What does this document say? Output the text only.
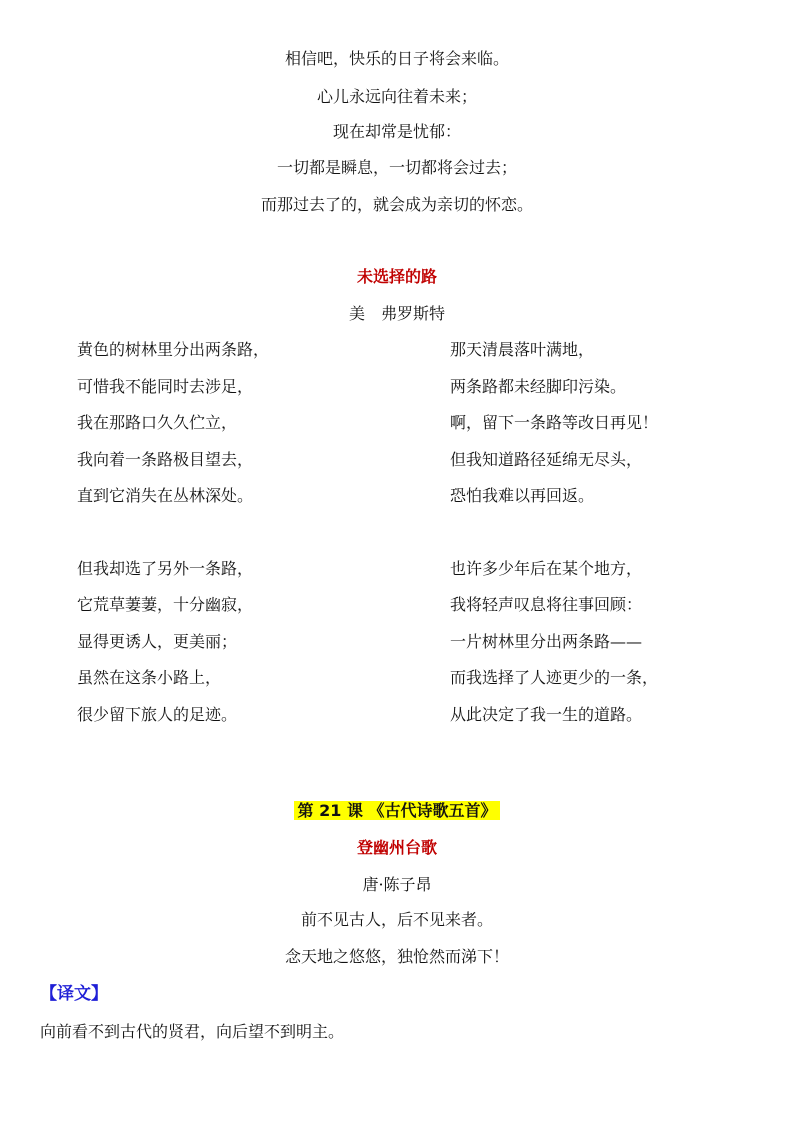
相信吧，快乐的日子将会来临。
心儿永远向往着未来；
现在却常是忧郁：
一切都是瞬息，一切都将会过去；
而那过去了的，就会成为亲切的怀恋。
未选择的路
美　弗罗斯特
黄色的树林里分出两条路，
可惜我不能同时去涉足，
我在那路口久久伫立，
我向着一条路极目望去，
直到它消失在丛林深处。
那天清晨落叶满地，
两条路都未经脚印污染。
啊，留下一条路等改日再见！
但我知道路径延绵无尽头，
恐怕我难以再回返。
但我却选了另外一条路，
它荒草萋萋，十分幽寂，
显得更诱人，更美丽；
虽然在这条小路上，
很少留下旅人的足迹。
也许多少年后在某个地方，
我将轻声叹息将往事回顾：
一片树林里分出两条路——
而我选择了人迹更少的一条，
从此决定了我一生的道路。
第 21 课 《古代诗歌五首》
登幽州台歌
唐·陈子昂
前不见古人，后不见来者。
念天地之悠悠，独怆然而涕下！
【译文】
向前看不到古代的贤君，向后望不到明主。
